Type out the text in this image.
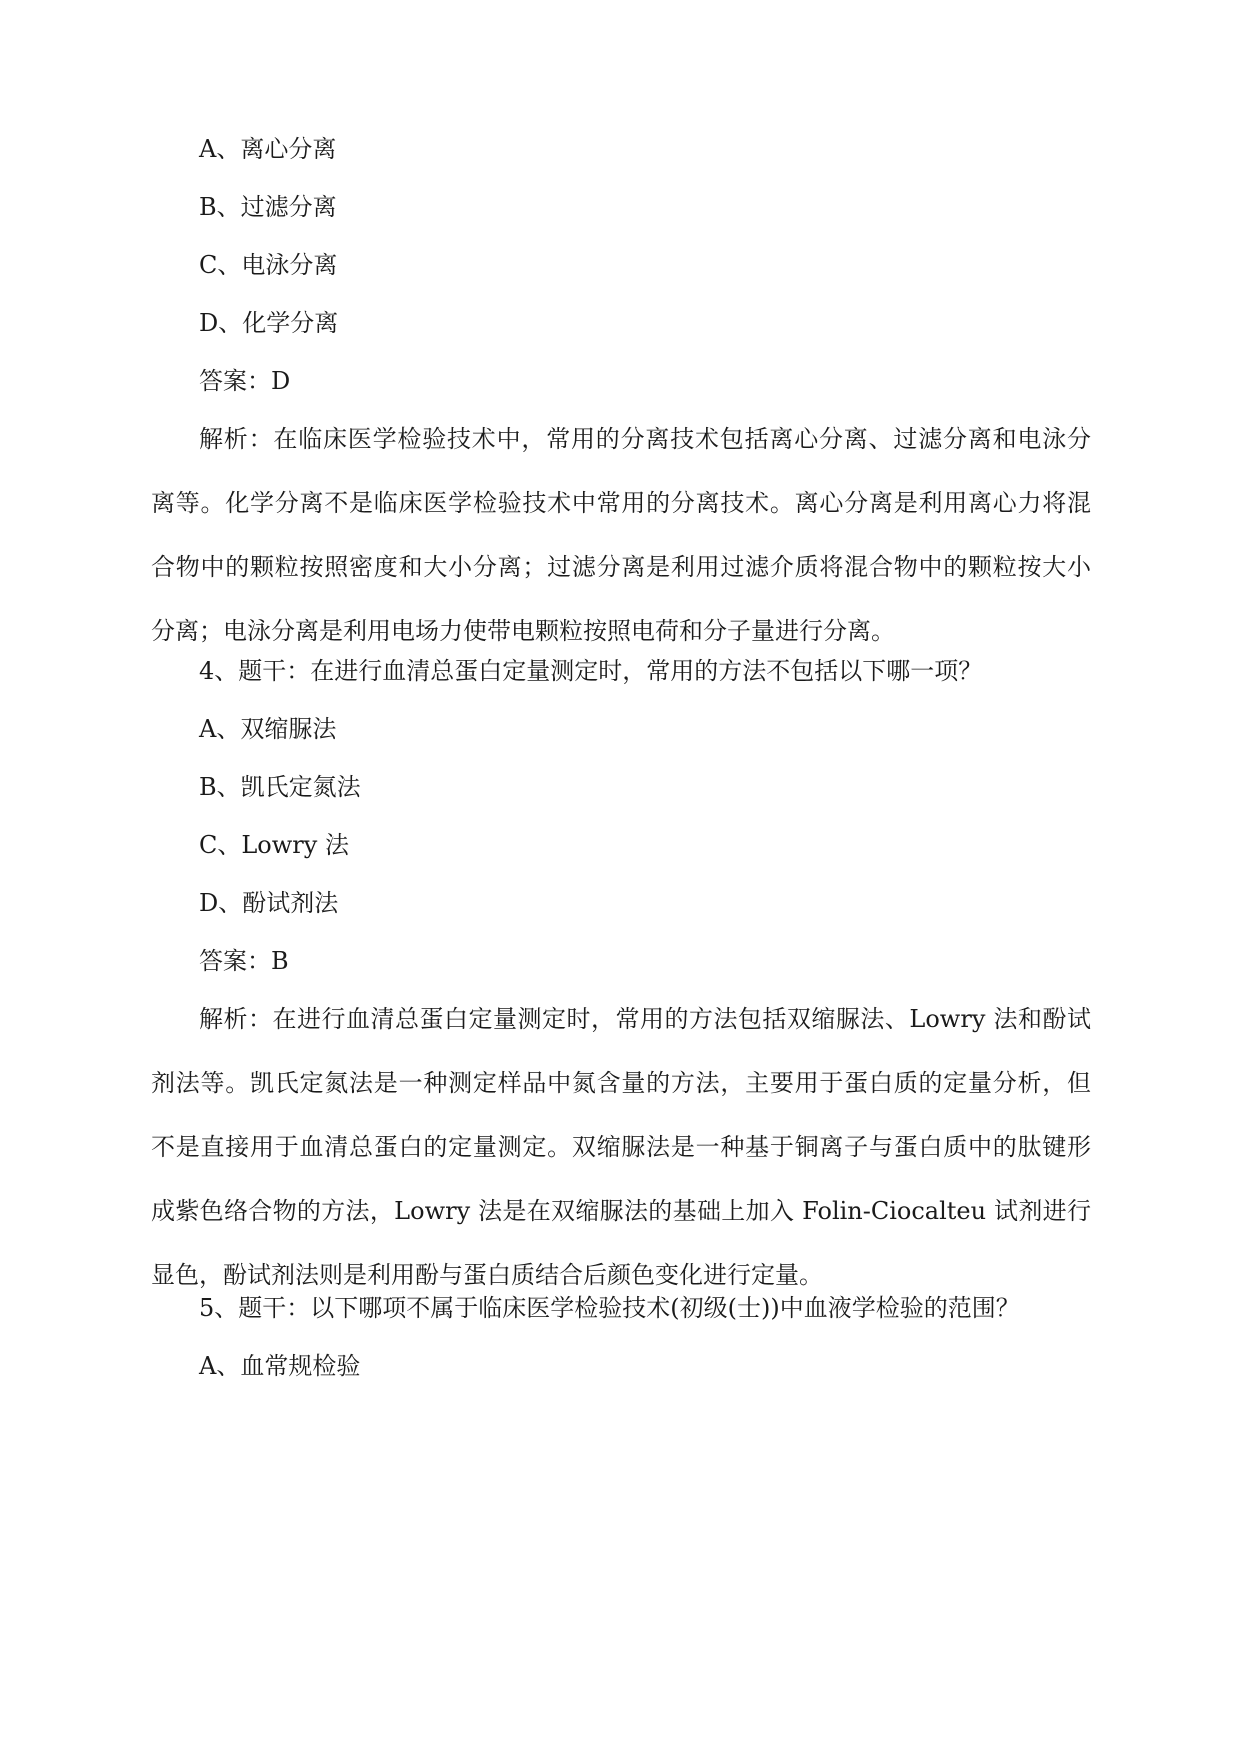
A、离心分离
B、过滤分离
C、电泳分离
D、化学分离
答案：D
解析：在临床医学检验技术中，常用的分离技术包括离心分离、过滤分离和电泳分
离等。化学分离不是临床医学检验技术中常用的分离技术。离心分离是利用离心力将混
合物中的颗粒按照密度和大小分离；过滤分离是利用过滤介质将混合物中的颗粒按大小
分离；电泳分离是利用电场力使带电颗粒按照电荷和分子量进行分离。
4、题干：在进行血清总蛋白定量测定时，常用的方法不包括以下哪一项？
A、双缩脲法
B、凯氏定氮法
C、Lowry 法
D、酚试剂法
答案：B
解析：在进行血清总蛋白定量测定时，常用的方法包括双缩脲法、Lowry 法和酚试
剂法等。凯氏定氮法是一种测定样品中氮含量的方法，主要用于蛋白质的定量分析，但
不是直接用于血清总蛋白的定量测定。双缩脲法是一种基于铜离子与蛋白质中的肽键形
成紫色络合物的方法，Lowry 法是在双缩脲法的基础上加入 Folin-Ciocalteu 试剂进行
显色，酚试剂法则是利用酚与蛋白质结合后颜色变化进行定量。
5、题干：以下哪项不属于临床医学检验技术(初级(士))中血液学检验的范围？
A、血常规检验
